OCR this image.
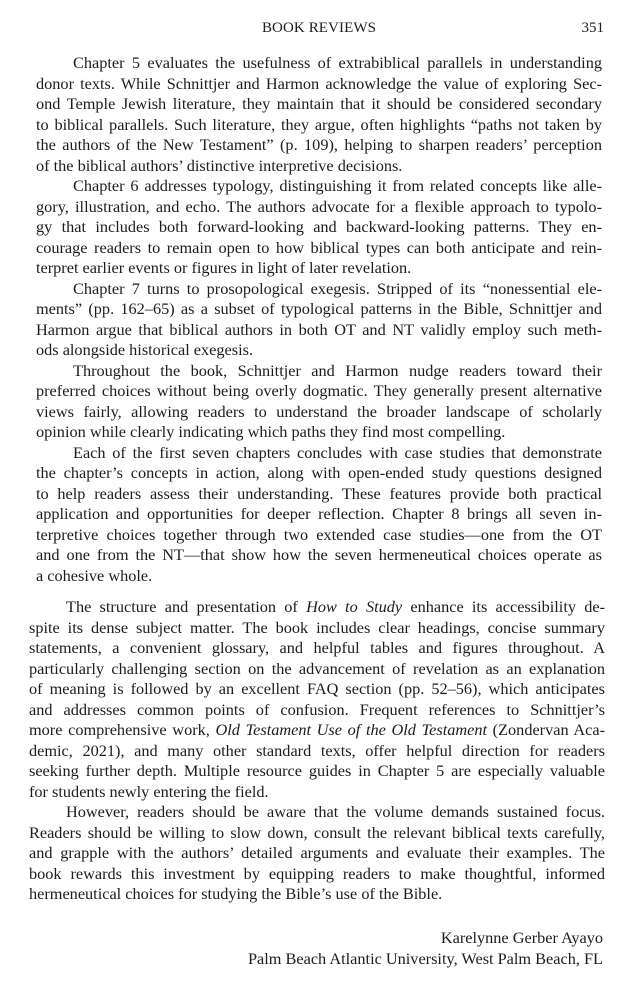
BOOK REVIEWS	351
Chapter 5 evaluates the usefulness of extrabiblical parallels in understanding
donor texts. While Schnittjer and Harmon acknowledge the value of exploring Sec-
ond Temple Jewish literature, they maintain that it should be considered secondary
to biblical parallels. Such literature, they argue, often highlights “paths not taken by
the authors of the New Testament” (p. 109), helping to sharpen readers’ perception
of the biblical authors’ distinctive interpretive decisions.
Chapter 6 addresses typology, distinguishing it from related concepts like alle-
gory, illustration, and echo. The authors advocate for a flexible approach to typolo-
gy that includes both forward-looking and backward-looking patterns. They en-
courage readers to remain open to how biblical types can both anticipate and rein-
terpret earlier events or figures in light of later revelation.
Chapter 7 turns to prosopological exegesis. Stripped of its “nonessential ele-
ments” (pp. 162–65) as a subset of typological patterns in the Bible, Schnittjer and
Harmon argue that biblical authors in both OT and NT validly employ such meth-
ods alongside historical exegesis.
Throughout the book, Schnittjer and Harmon nudge readers toward their
preferred choices without being overly dogmatic. They generally present alternative
views fairly, allowing readers to understand the broader landscape of scholarly
opinion while clearly indicating which paths they find most compelling.
Each of the first seven chapters concludes with case studies that demonstrate
the chapter’s concepts in action, along with open-ended study questions designed
to help readers assess their understanding. These features provide both practical
application and opportunities for deeper reflection. Chapter 8 brings all seven in-
terpretive choices together through two extended case studies—one from the OT
and one from the NT—that show how the seven hermeneutical choices operate as
a cohesive whole.
The structure and presentation of How to Study enhance its accessibility de-
spite its dense subject matter. The book includes clear headings, concise summary
statements, a convenient glossary, and helpful tables and figures throughout. A
particularly challenging section on the advancement of revelation as an explanation
of meaning is followed by an excellent FAQ section (pp. 52–56), which anticipates
and addresses common points of confusion. Frequent references to Schnittjer’s
more comprehensive work, Old Testament Use of the Old Testament (Zondervan Aca-
demic, 2021), and many other standard texts, offer helpful direction for readers
seeking further depth. Multiple resource guides in Chapter 5 are especially valuable
for students newly entering the field.
However, readers should be aware that the volume demands sustained focus.
Readers should be willing to slow down, consult the relevant biblical texts carefully,
and grapple with the authors’ detailed arguments and evaluate their examples. The
book rewards this investment by equipping readers to make thoughtful, informed
hermeneutical choices for studying the Bible’s use of the Bible.
Karelynne Gerber Ayayo
Palm Beach Atlantic University, West Palm Beach, FL
